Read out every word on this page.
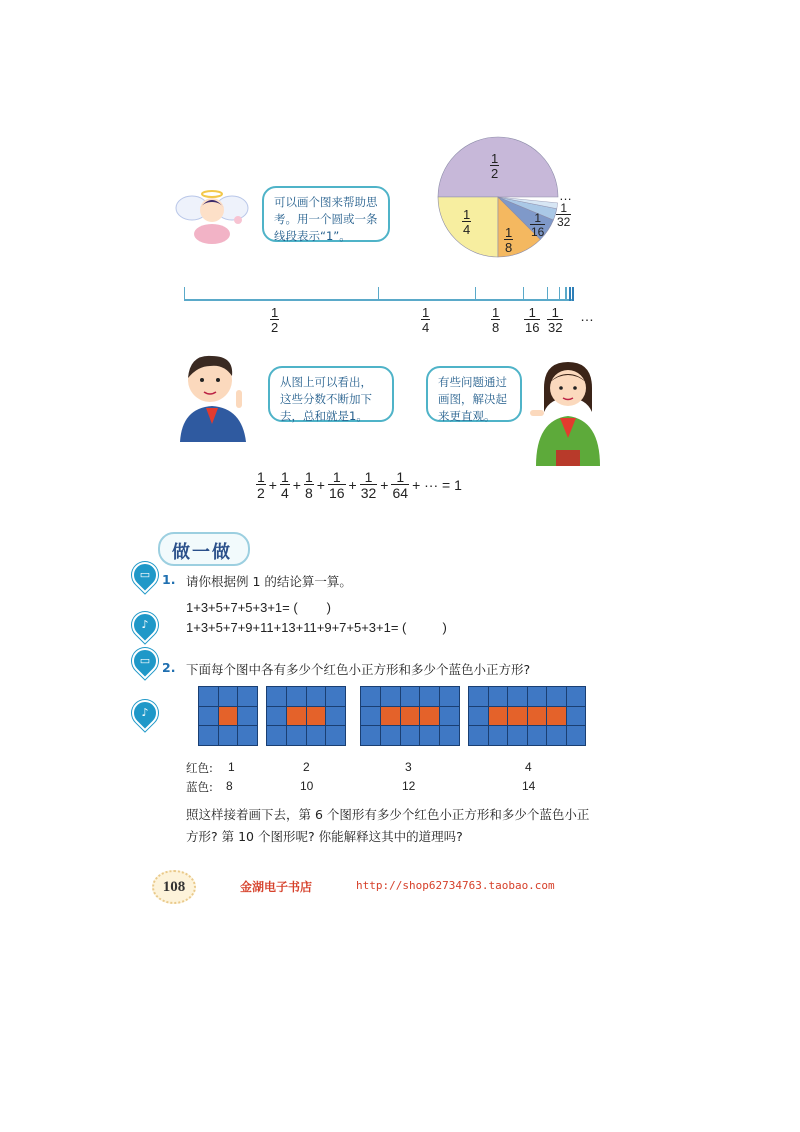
可以画个图来帮助思考。用一个圆或一条线段表示“1”。
$\frac{1}{2}$
$\frac{1}{4}$
$\frac{1}{8}$
$\frac{1}{16} \frac{1}{32}$
…
$\frac{1}{2}$	$\frac{1}{4}$	$\frac{1}{8} \frac{1}{16} \frac{1}{32}$ …
从图上可以看出，这些分数不断加下去，总和就是1。
有些问题通过画图，解决起来更直观。
$\frac{1}{2} + \frac{1}{4} + \frac{1}{8} + \frac{1}{16} + \frac{1}{32} + \frac{1}{64}$ + ··· = 1
做一做
▭ 1. 请你根据例 1 的结论算一算。
♪
1+3+5+7+5+3+1= (        )
1+3+5+7+9+11+13+11+9+7+5+3+1= (          )
▭ 2. 下面每个图中各有多少个红色小正方形和多少个蓝色小正方形?
♪
红色: 1	2	3	4
蓝色: 8	10	12	14
照这样接着画下去，第 6 个图形有多少个红色小正方形和多少个蓝色小正
方形? 第 10 个图形呢? 你能解释这其中的道理吗?
108	金湖电子书店	http://shop62734763.taobao.com
